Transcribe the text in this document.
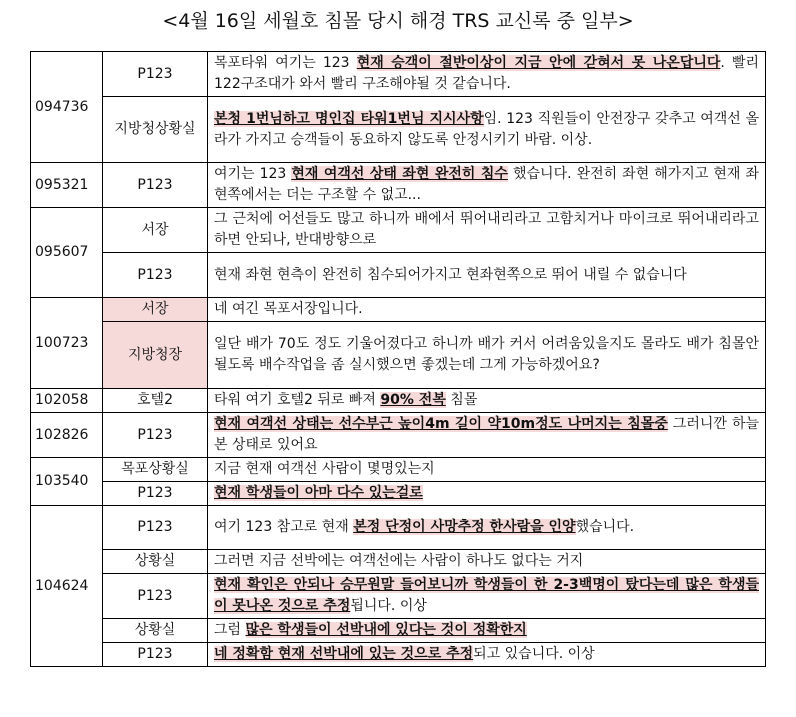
<4월 16일 세월호 침몰 당시 해경 TRS 교신록 중 일부>
094736	P123	목포타워 여기는 123 현재 승객이 절반이상이 지금 안에 갇혀서 못 나온답니다. 빨리 122구조대가 와서 빨리 구조해야될 것 같습니다.
	지방청상황실	본청 1번님하고 명인집 타워1번님 지시사항임. 123 직원들이 안전장구 갖추고 여객선 올라가 가지고 승객들이 동요하지 않도록 안정시키기 바람. 이상.
095321	P123	여기는 123 현재 여객선 상태 좌현 완전히 침수 했습니다. 완전히 좌현 해가지고 현재 좌현쪽에서는 더는 구조할 수 없고...
095607	서장	그 근처에 어선들도 많고 하니까 배에서 뛰어내리라고 고함치거나 마이크로 뛰어내리라고 하면 안되나, 반대방향으로
	P123	현재 좌현 현측이 완전히 침수되어가지고 현좌현쪽으로 뛰어 내릴 수 없습니다
100723	서장	네 여긴 목포서장입니다.
	지방청장	일단 배가 70도 정도 기울어졌다고 하니까 배가 커서 어려움있을지도 몰라도 배가 침몰안될도록 배수작업을 좀 실시했으면 좋겠는데 그게 가능하겠어요?
102058	호텔2	타워 여기 호텔2 뒤로 빠져 90% 전복 침몰
102826	P123	현재 여객선 상태는 선수부근 높이4m 길이 약10m정도 나머지는 침몰중 그러니깐 하늘 본 상태로 있어요
103540	목포상황실	지금 현재 여객선 사람이 몇명있는지
	P123	현재 학생들이 아마 다수 있는걸로
104624	P123	여기 123 참고로 현재 본정 단정이 사망추정 한사람을 인양했습니다.
	상황실	그러면 지금 선박에는 여객선에는 사람이 하나도 없다는 거지
	P123	현재 확인은 안되나 승무원말 들어보니까 학생들이 한 2-3백명이 탔다는데 많은 학생들이 못나온 것으로 추정됩니다. 이상
	상황실	그럼 많은 학생들이 선박내에 있다는 것이 정확한지
	P123	네 정확함 현재 선박내에 있는 것으로 추정되고 있습니다. 이상
